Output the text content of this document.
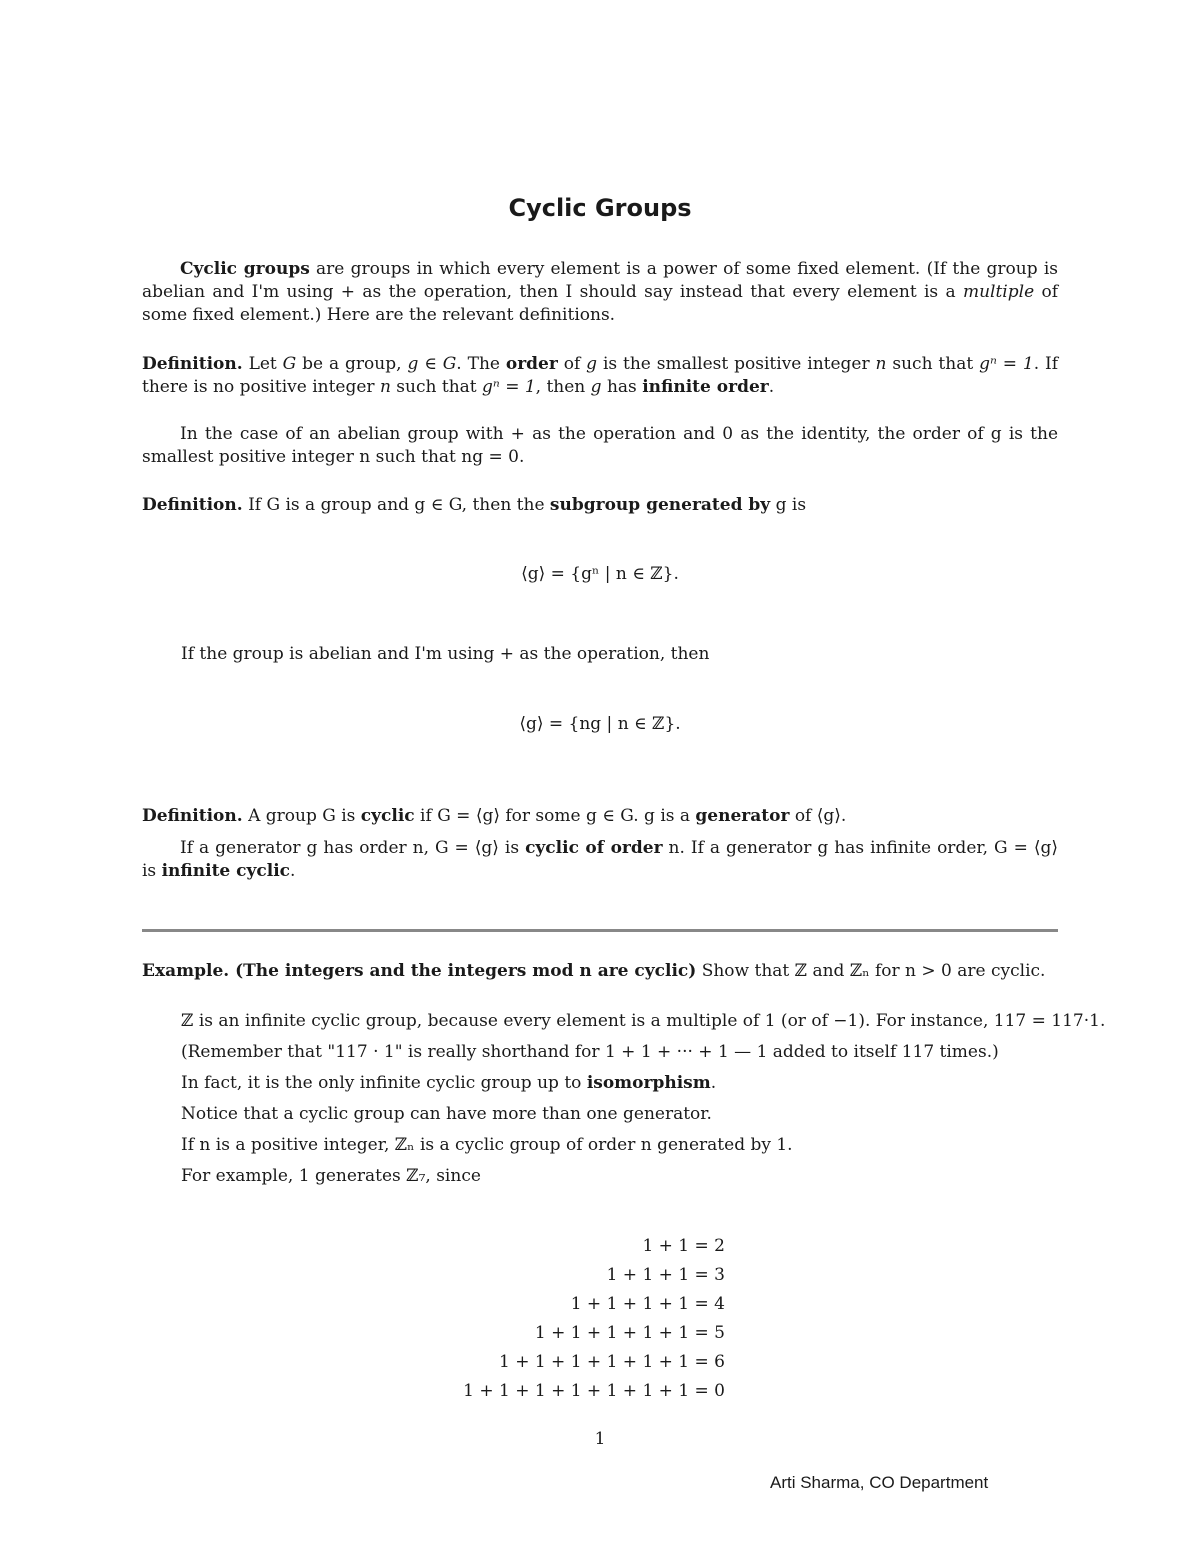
Cyclic Groups

Cyclic groups are groups in which every element is a power of some fixed element. (If the group is abelian and I'm using + as the operation, then I should say instead that every element is a multiple of some fixed element.) Here are the relevant definitions.

Definition. Let G be a group, g ∈ G. The order of g is the smallest positive integer n such that gⁿ = 1. If there is no positive integer n such that gⁿ = 1, then g has infinite order.

In the case of an abelian group with + as the operation and 0 as the identity, the order of g is the smallest positive integer n such that ng = 0.

Definition. If G is a group and g ∈ G, then the subgroup generated by g is

⟨g⟩ = {gⁿ | n ∈ ℤ}.
If the group is abelian and I'm using + as the operation, then
⟨g⟩ = {ng | n ∈ ℤ}.

Definition. A group G is cyclic if G = ⟨g⟩ for some g ∈ G. g is a generator of ⟨g⟩.

If a generator g has order n, G = ⟨g⟩ is cyclic of order n. If a generator g has infinite order, G = ⟨g⟩ is infinite cyclic.

Example. (The integers and the integers mod n are cyclic) Show that ℤ and ℤₙ for n > 0 are cyclic.

ℤ is an infinite cyclic group, because every element is a multiple of 1 (or of −1). For instance, 117 = 117·1.
(Remember that "117 · 1" is really shorthand for 1 + 1 + ··· + 1 — 1 added to itself 117 times.)
In fact, it is the only infinite cyclic group up to isomorphism.
Notice that a cyclic group can have more than one generator.
If n is a positive integer, ℤₙ is a cyclic group of order n generated by 1.
For example, 1 generates ℤ₇, since
1 + 1 = 2
1 + 1 + 1 = 3
1 + 1 + 1 + 1 = 4
1 + 1 + 1 + 1 + 1 = 5
1 + 1 + 1 + 1 + 1 + 1 = 6
1 + 1 + 1 + 1 + 1 + 1 + 1 = 0
1
Arti Sharma, CO Department
